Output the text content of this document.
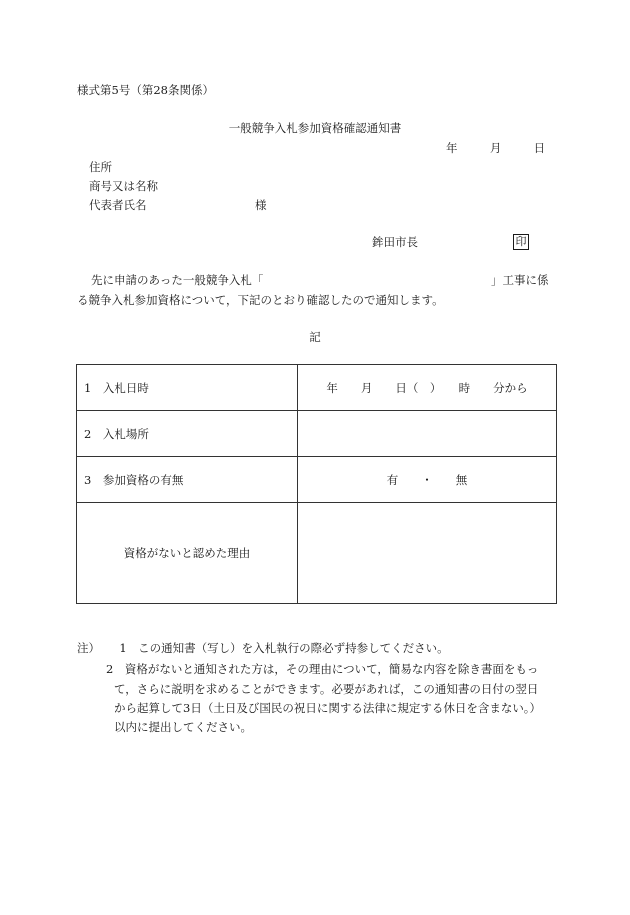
様式第5号（第28条関係）
一般競争入札参加資格確認通知書
年	月	日
住所
商号又は名称
代表者氏名	様
鉾田市長	印
先に申請のあった一般競争入札「	」工事に係
る競争入札参加資格について，下記のとおり確認したので通知します。
記
1　入札日時	年　　月　　日（　）　　時　　分から
2　入札場所	
3　参加資格の有無	有　　・　　無
資格がないと認めた理由	
注） 1　この通知書（写し）を入札執行の際必ず持参してください。
2　資格がないと通知された方は，その理由について，簡易な内容を除き書面をもっ
て，さらに説明を求めることができます。必要があれば，この通知書の日付の翌日
から起算して3日（土日及び国民の祝日に関する法律に規定する休日を含まない。）
以内に提出してください。
